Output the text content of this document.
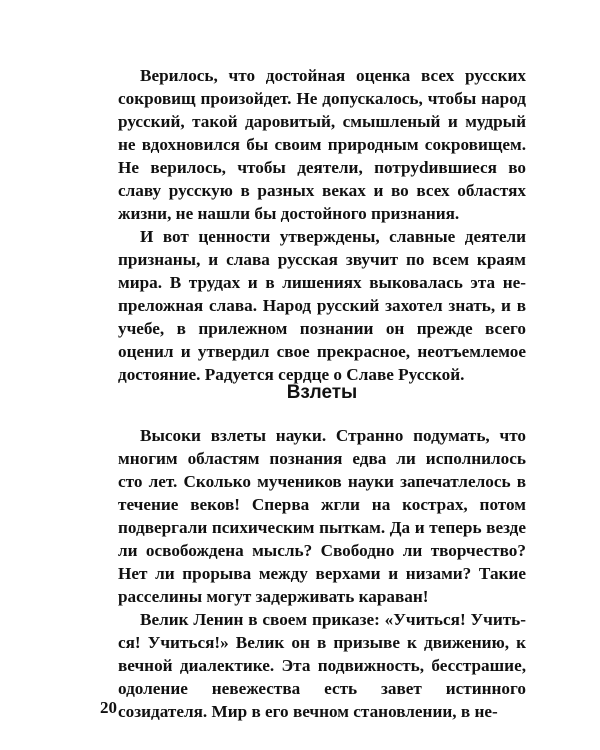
Верилось, что достойная оценка всех русских сокровищ произойдет. Не допускалось, чтобы народ русский, такой даровитый, смышленый и мудрый не вдохновился бы своим природным сокровищем. Не верилось, чтобы деятели, потруdившиеся во славу русскую в разных веках и во всех областях жизни, не нашли бы достойного признания.

И вот ценности утверждены, славные деятели признаны, и слава русская звучит по всем краям мира. В трудах и в лишениях выковалась эта непреложная слава. Народ русский захотел знать, и в учебе, в прилежном познании он прежде всего оценил и утвердил свое прекрасное, неотъемлемое достояние. Радуется сердце о Славе Русской.

Взлеты

Высоки взлеты науки. Странно подумать, что многим областям познания едва ли исполнилось сто лет. Сколько мучеников науки запечатлелось в течение веков! Сперва жгли на кострах, потом подвергали психическим пыткам. Да и теперь везде ли освобождена мысль? Свободно ли творчество? Нет ли прорыва между верхами и низами? Такие расселины могут задерживать караван!

Велик Ленин в своем приказе: «Учиться! Учиться! Учиться!» Велик он в призыве к движению, к вечной диалектике. Эта подвижность, бесстрашие, одоление невежества есть завет истинного созидателя. Мир в его вечном становлении, в не-

20
